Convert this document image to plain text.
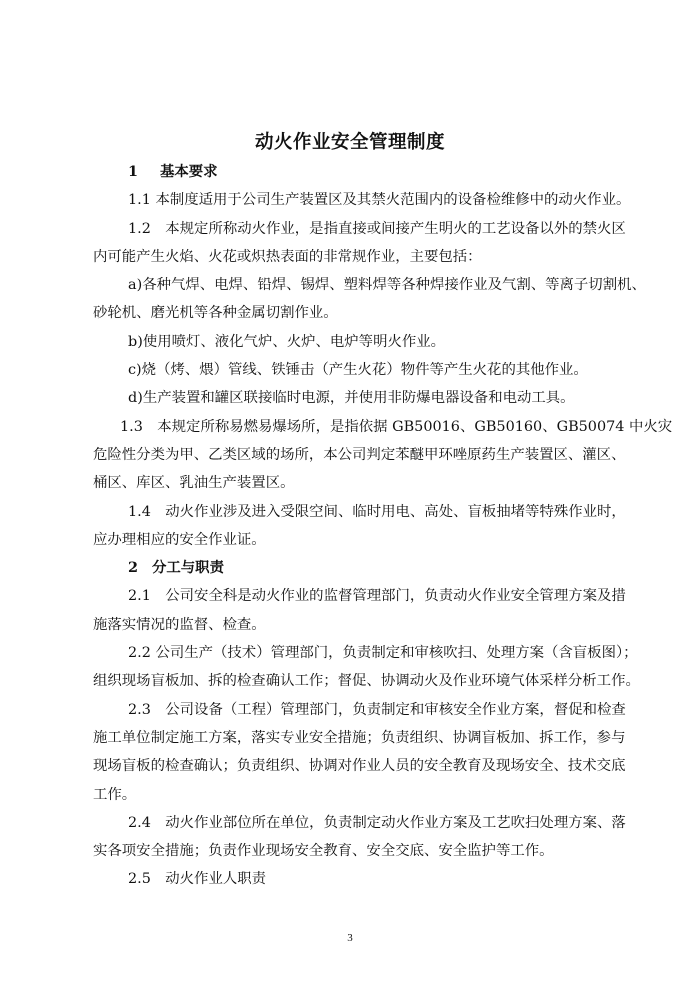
动火作业安全管理制度
1 基本要求
1.1 本制度适用于公司生产装置区及其禁火范围内的设备检维修中的动火作业。
1.2　本规定所称动火作业，是指直接或间接产生明火的工艺设备以外的禁火区
内可能产生火焰、火花或炽热表面的非常规作业，主要包括：
a)各种气焊、电焊、铅焊、锡焊、塑料焊等各种焊接作业及气割、等离子切割机、
砂轮机、磨光机等各种金属切割作业。
b)使用喷灯、液化气炉、火炉、电炉等明火作业。
c)烧（烤、煨）管线、铁锤击（产生火花）物件等产生火花的其他作业。
d)生产装置和罐区联接临时电源，并使用非防爆电器设备和电动工具。
1.3　本规定所称易燃易爆场所，是指依据 GB50016、GB50160、GB50074 中火灾
危险性分类为甲、乙类区域的场所，本公司判定苯醚甲环唑原药生产装置区、灌区、
桶区、库区、乳油生产装置区。
1.4　动火作业涉及进入受限空间、临时用电、高处、盲板抽堵等特殊作业时，
应办理相应的安全作业证。
2 分工与职责
2.1　公司安全科是动火作业的监督管理部门，负责动火作业安全管理方案及措
施落实情况的监督、检查。
2.2 公司生产（技术）管理部门，负责制定和审核吹扫、处理方案（含盲板图）；
组织现场盲板加、拆的检查确认工作；督促、协调动火及作业环境气体采样分析工作。
2.3　公司设备（工程）管理部门，负责制定和审核安全作业方案，督促和检查
施工单位制定施工方案，落实专业安全措施；负责组织、协调盲板加、拆工作，参与
现场盲板的检查确认；负责组织、协调对作业人员的安全教育及现场安全、技术交底
工作。
2.4　动火作业部位所在单位，负责制定动火作业方案及工艺吹扫处理方案、落
实各项安全措施；负责作业现场安全教育、安全交底、安全监护等工作。
2.5　动火作业人职责
3
